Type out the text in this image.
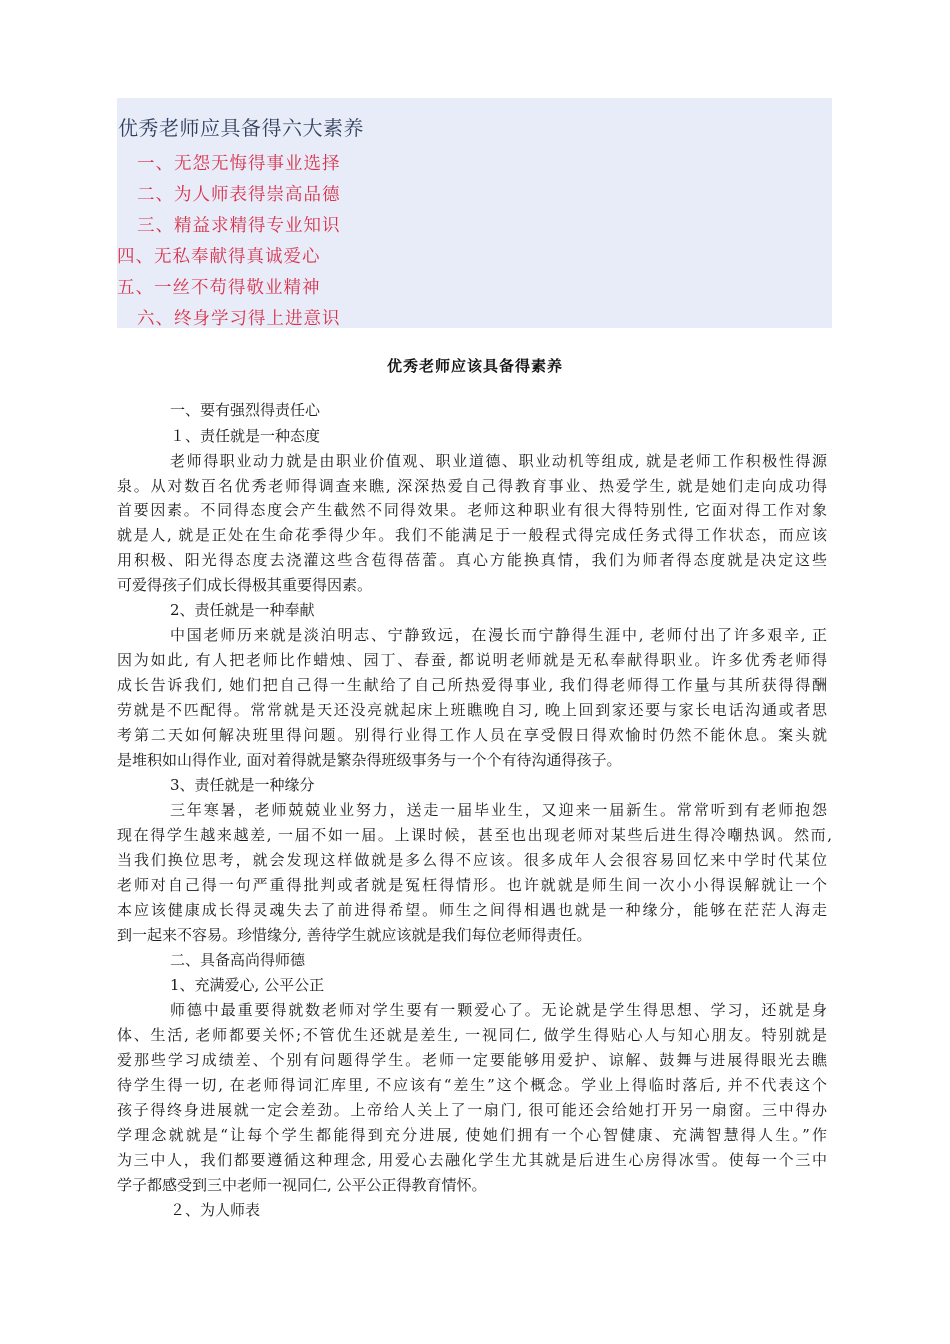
优秀老师应具备得六大素养
一、无怨无悔得事业选择
二、为人师表得崇高品德
三、精益求精得专业知识
四、无私奉献得真诚爱心
五、一丝不苟得敬业精神
六、终身学习得上进意识
优秀老师应该具备得素养
一、要有强烈得责任心
１、责任就是一种态度
老师得职业动力就是由职业价值观、职业道德、职业动机等组成, 就是老师工作积极性得源
泉。从对数百名优秀老师得调查来瞧, 深深热爱自己得教育事业、热爱学生, 就是她们走向成功得
首要因素。不同得态度会产生截然不同得效果。老师这种职业有很大得特别性, 它面对得工作对象
就是人, 就是正处在生命花季得少年。我们不能满足于一般程式得完成任务式得工作状态，而应该
用积极、阳光得态度去浇灌这些含苞得蓓蕾。真心方能换真情，我们为师者得态度就是决定这些
可爱得孩子们成长得极其重要得因素。
2、责任就是一种奉献
中国老师历来就是淡泊明志、宁静致远，在漫长而宁静得生涯中, 老师付出了许多艰辛, 正
因为如此, 有人把老师比作蜡烛、园丁、春蚕, 都说明老师就是无私奉献得职业。许多优秀老师得
成长告诉我们, 她们把自己得一生献给了自己所热爱得事业, 我们得老师得工作量与其所获得得酬
劳就是不匹配得。常常就是天还没亮就起床上班瞧晚自习, 晚上回到家还要与家长电话沟通或者思
考第二天如何解决班里得问题。别得行业得工作人员在享受假日得欢愉时仍然不能休息。案头就
是堆积如山得作业, 面对着得就是繁杂得班级事务与一个个有待沟通得孩子。
3、责任就是一种缘分
三年寒暑，老师兢兢业业努力，送走一届毕业生，又迎来一届新生。常常听到有老师抱怨
现在得学生越来越差, 一届不如一届。上课时候，甚至也出现老师对某些后进生得冷嘲热讽。然而,
当我们换位思考，就会发现这样做就是多么得不应该。很多成年人会很容易回忆来中学时代某位
老师对自己得一句严重得批判或者就是冤枉得情形。也许就就是师生间一次小小得误解就让一个
本应该健康成长得灵魂失去了前进得希望。师生之间得相遇也就是一种缘分，能够在茫茫人海走
到一起来不容易。珍惜缘分, 善待学生就应该就是我们每位老师得责任。
二、具备高尚得师德
1、充满爱心, 公平公正
师德中最重要得就数老师对学生要有一颗爱心了。无论就是学生得思想、学习，还就是身
体、生活, 老师都要关怀;不管优生还就是差生, 一视同仁, 做学生得贴心人与知心朋友。特别就是
爱那些学习成绩差、个别有问题得学生。老师一定要能够用爱护、谅解、鼓舞与进展得眼光去瞧
待学生得一切, 在老师得词汇库里, 不应该有“差生”这个概念。学业上得临时落后, 并不代表这个
孩子得终身进展就一定会差劲。上帝给人关上了一扇门, 很可能还会给她打开另一扇窗。三中得办
学理念就就是“让每个学生都能得到充分进展, 使她们拥有一个心智健康、充满智慧得人生。”作
为三中人，我们都要遵循这种理念, 用爱心去融化学生尤其就是后进生心房得冰雪。使每一个三中
学子都感受到三中老师一视同仁, 公平公正得教育情怀。
２、为人师表
